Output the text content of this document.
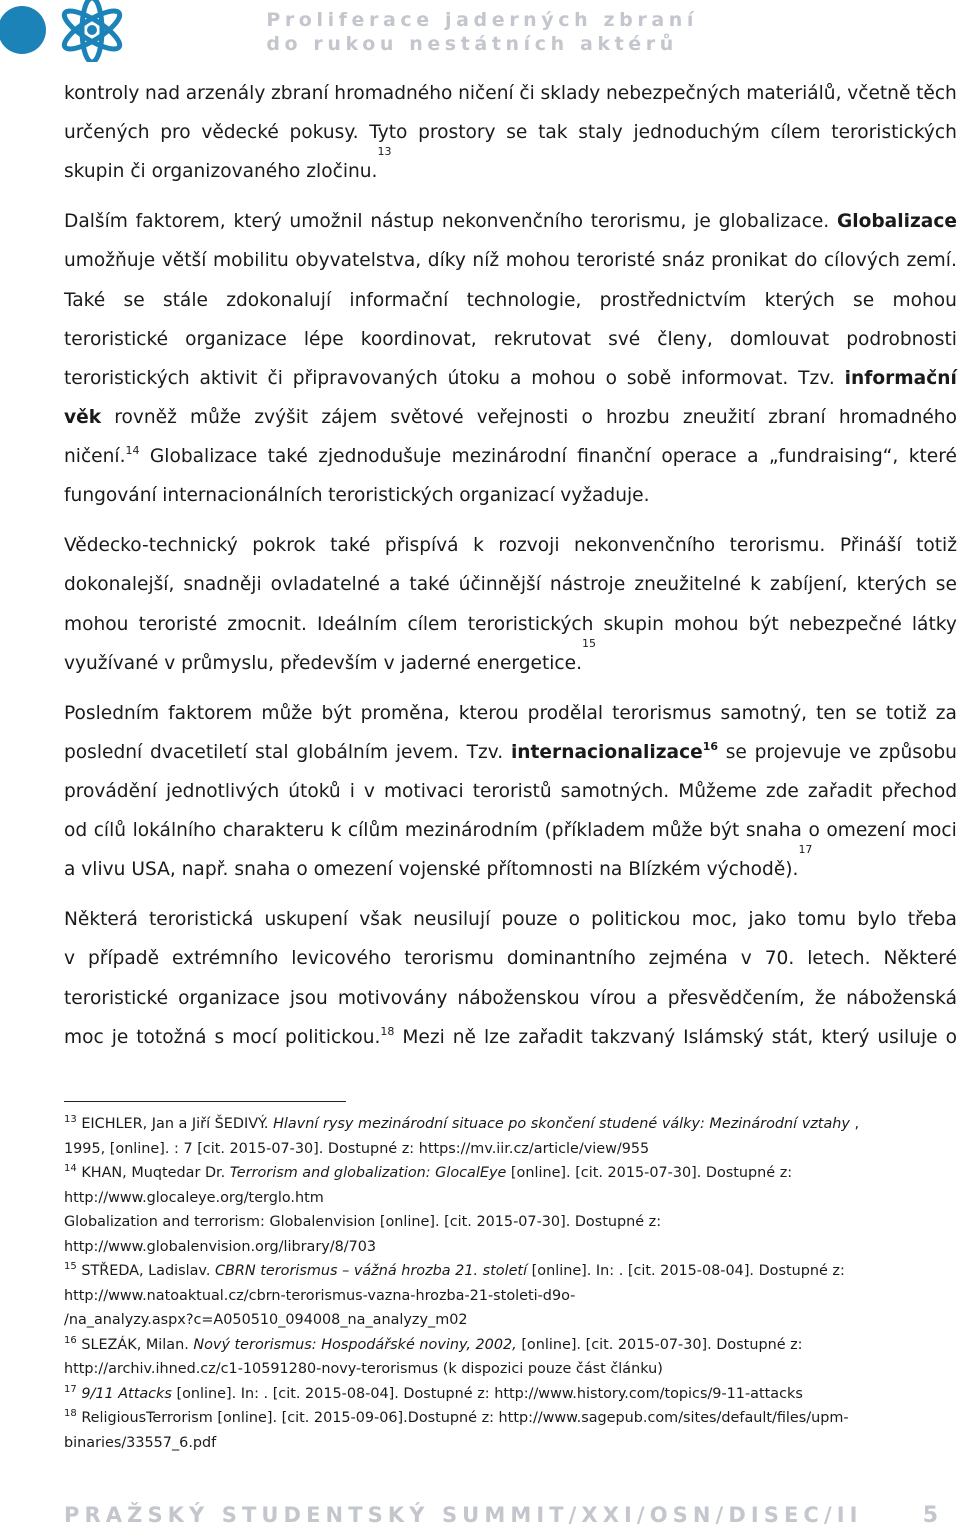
Proliferace jaderných zbraní
do rukou nestátních aktérů
kontroly nad arzenály zbraní hromadného ničení či sklady nebezpečných materiálů, včetně těch
určených pro vědecké pokusy. Tyto prostory se tak staly jednoduchým cílem teroristických
skupin či organizovaného zločinu.
13
Dalším faktorem, který umožnil nástup nekonvenčního terorismu, je globalizace. Globalizace
umožňuje větší mobilitu obyvatelstva, díky níž mohou teroristé snáz pronikat do cílových zemí.
Také se stále zdokonalují informační technologie, prostřednictvím kterých se mohou
teroristické organizace lépe koordinovat, rekrutovat své členy, domlouvat podrobnosti
teroristických aktivit či připravovaných útoku a mohou o sobě informovat. Tzv. informační
věk rovněž může zvýšit zájem světové veřejnosti o hrozbu zneužití zbraní hromadného
ničení.$^{14}$ Globalizace také zjednodušuje mezinárodní finanční operace a „fundraising“, které
fungování internacionálních teroristických organizací vyžaduje.
Vědecko-technický pokrok také přispívá k rozvoji nekonvenčního terorismu. Přináší totiž
dokonalejší, snadněji ovladatelné a také účinnější nástroje zneužitelné k zabíjení, kterých se
mohou teroristé zmocnit. Ideálním cílem teroristických skupin mohou být nebezpečné látky
využívané v průmyslu, především v jaderné energetice.
15
Posledním faktorem může být proměna, kterou prodělal terorismus samotný, ten se totiž za
poslední dvacetiletí stal globálním jevem. Tzv. internacionalizace$^{16}$ se projevuje ve způsobu
provádění jednotlivých útoků i v motivaci teroristů samotných. Můžeme zde zařadit přechod
od cílů lokálního charakteru k cílům mezinárodním (příkladem může být snaha o omezení moci
a vlivu USA, např. snaha o omezení vojenské přítomnosti na Blízkém východě).
17
Některá teroristická uskupení však neusilují pouze o politickou moc, jako tomu bylo třeba
v případě extrémního levicového terorismu dominantního zejména v 70. letech. Některé
teroristické organizace jsou motivovány náboženskou vírou a přesvědčením, že náboženská
moc je totožná s mocí politickou.$^{18}$ Mezi ně lze zařadit takzvaný Islámský stát, který usiluje o
$^{13}$ EICHLER, Jan a Jiří ŠEDIVÝ. Hlavní rysy mezinárodní situace po skončení studené války: Mezinárodní vztahy ,
1995, [online]. : 7 [cit. 2015-07-30]. Dostupné z: https://mv.iir.cz/article/view/955
$^{14}$ KHAN, Muqtedar Dr. Terrorism and globalization: GlocalEye [online]. [cit. 2015-07-30]. Dostupné z:
http://www.glocaleye.org/terglo.htm
Globalization and terrorism: Globalenvision [online]. [cit. 2015-07-30]. Dostupné z:
http://www.globalenvision.org/library/8/703
$^{15}$ STŘEDA, Ladislav. CBRN terorismus – vážná hrozba 21. století [online]. In: . [cit. 2015-08-04]. Dostupné z:
http://www.natoaktual.cz/cbrn-terorismus-vazna-hrozba-21-stoleti-d9o-
/na_analyzy.aspx?c=A050510_094008_na_analyzy_m02
$^{16}$ SLEZÁK, Milan. Nový terorismus: Hospodářské noviny, 2002, [online]. [cit. 2015-07-30]. Dostupné z:
http://archiv.ihned.cz/c1-10591280-novy-terorismus (k dispozici pouze část článku)
$^{17}$ 9/11 Attacks [online]. In: . [cit. 2015-08-04]. Dostupné z: http://www.history.com/topics/9-11-attacks
$^{18}$ ReligiousTerrorism [online]. [cit. 2015-09-06].Dostupné z: http://www.sagepub.com/sites/default/files/upm-
binaries/33557_6.pdf
PRAŽSKÝ STUDENTSKÝ SUMMIT/XXI/OSN/DISEC/II	5
